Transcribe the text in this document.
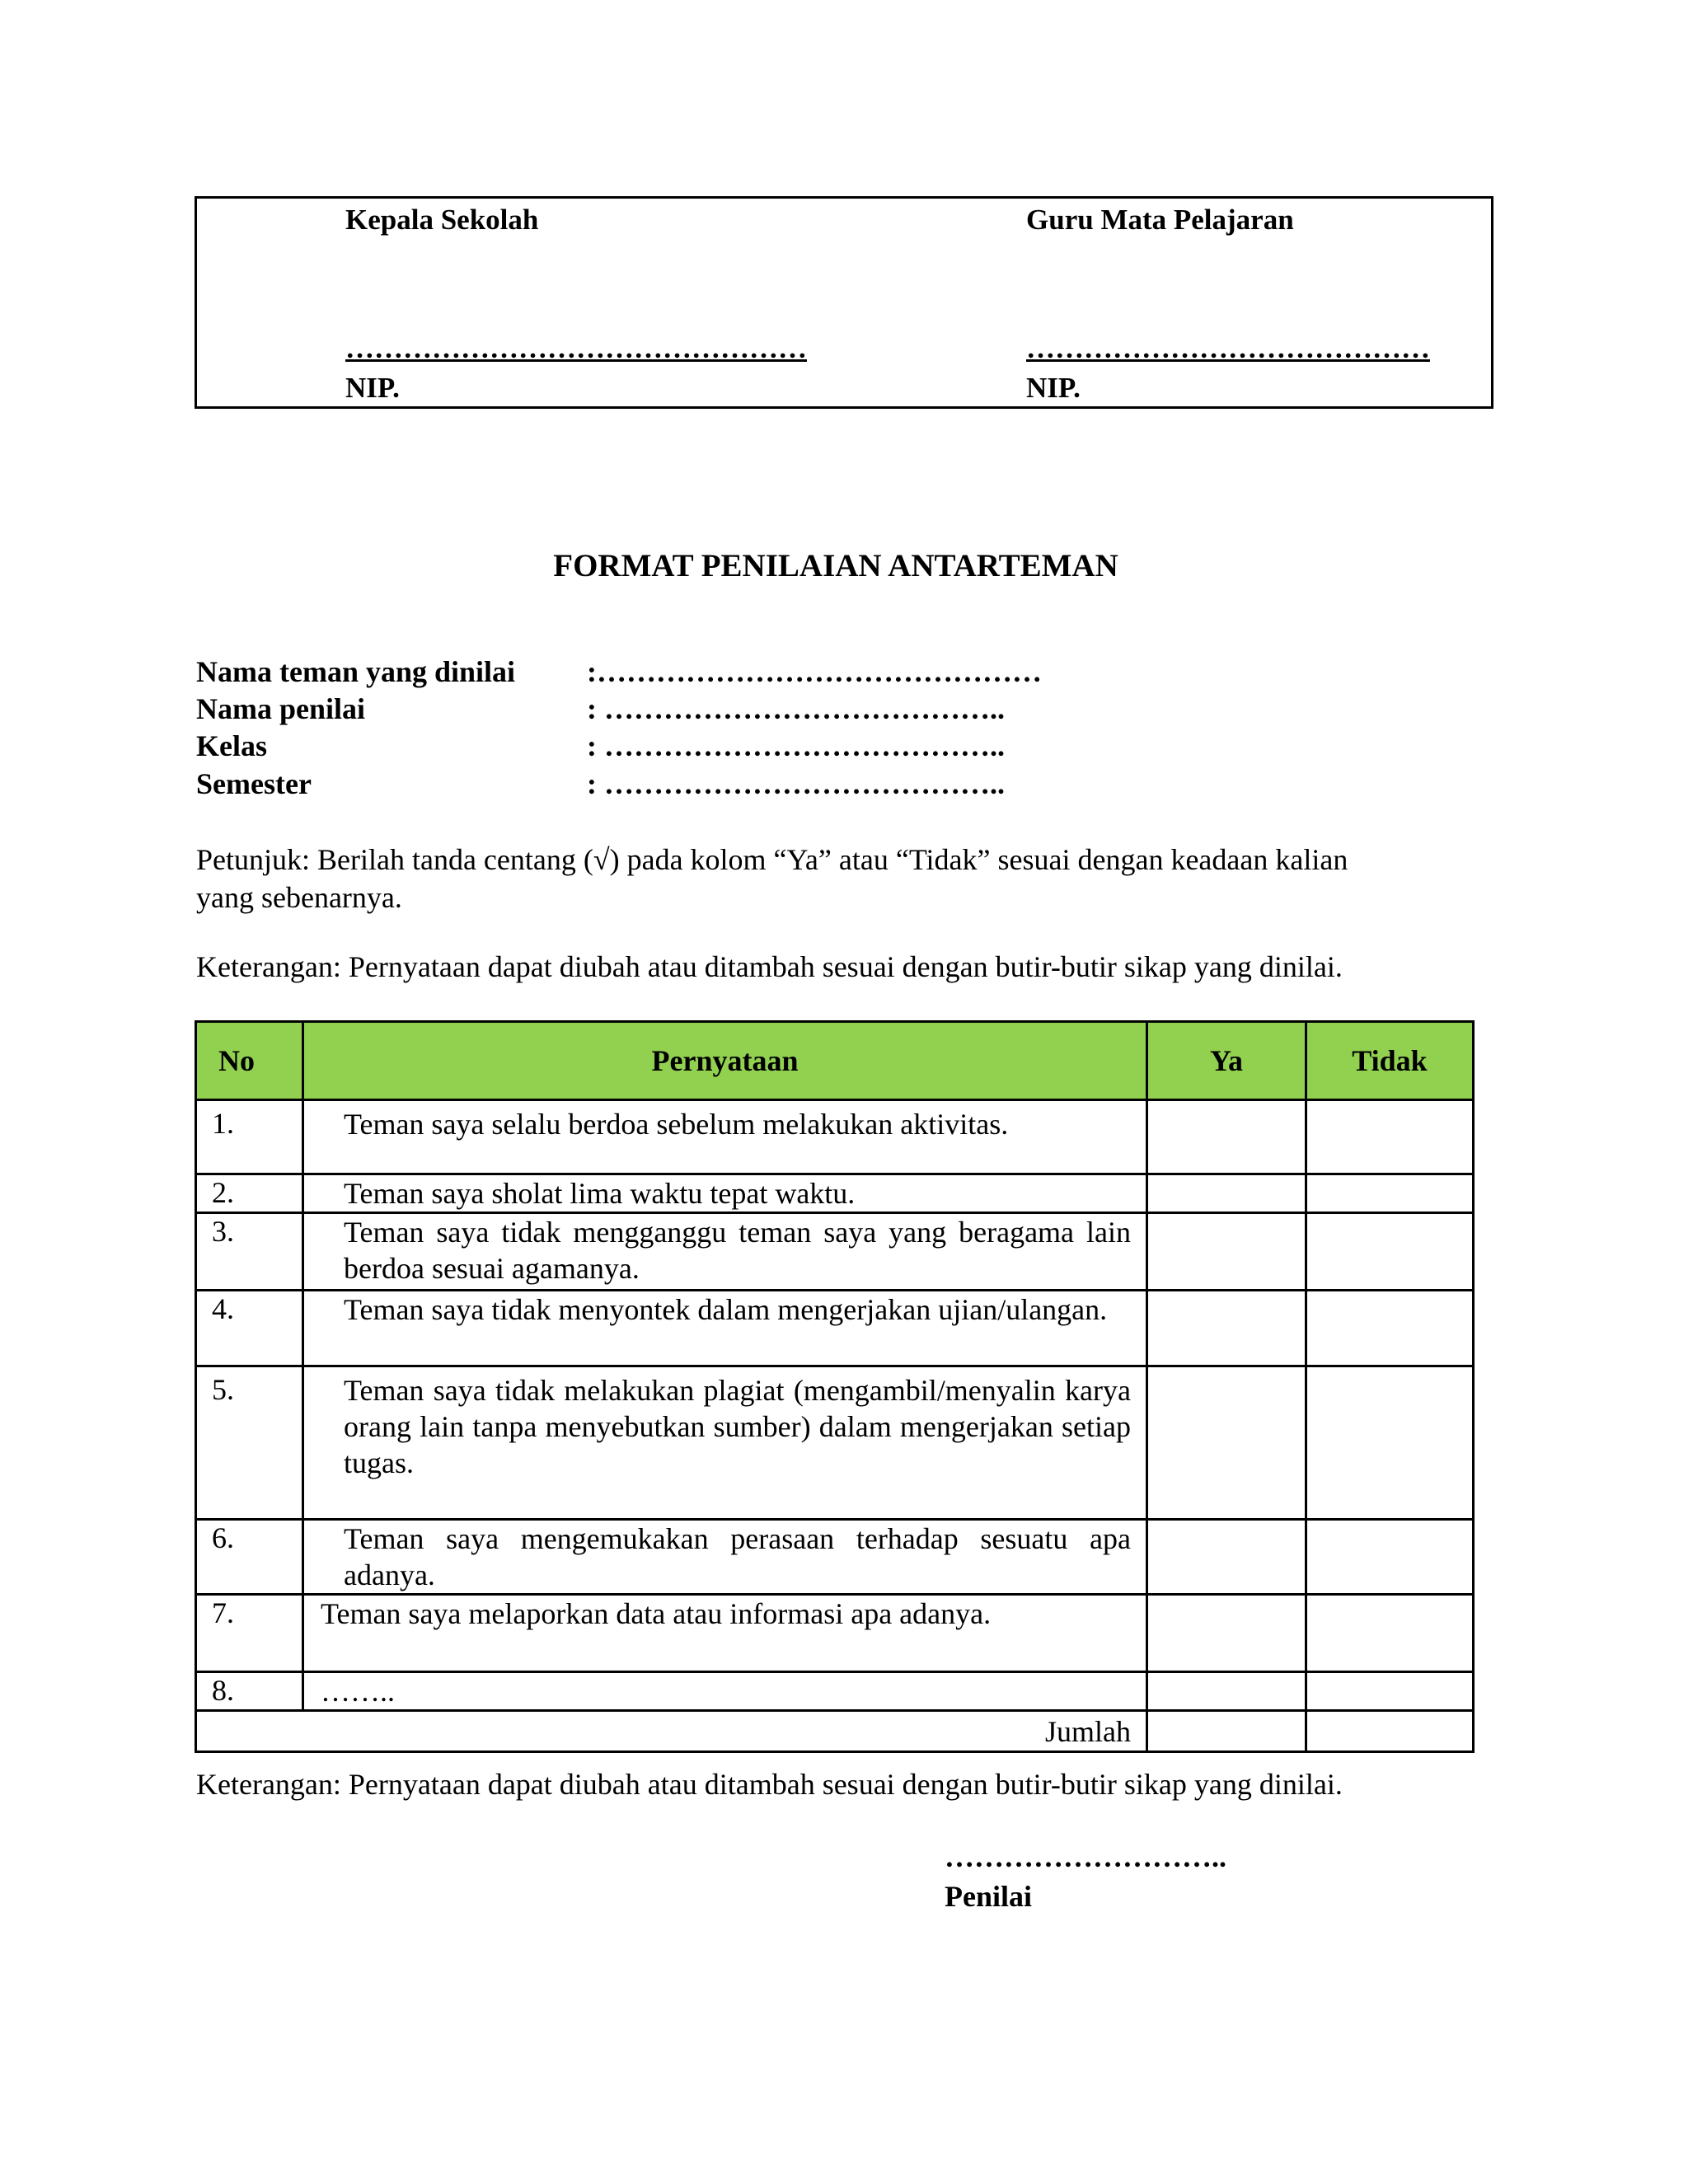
Kepala Sekolah	Guru Mata Pelajaran
…………………………………………	……………………………………
NIP.	NIP.
FORMAT PENILAIAN ANTARTEMAN
Nama teman yang dinilai :………………………………………
Nama penilai	: …………………………………..
Kelas	: …………………………………..
Semester	: …………………………………..
Petunjuk: Berilah tanda centang (√) pada kolom “Ya” atau “Tidak” sesuai dengan keadaan kalian
yang sebenarnya.
Keterangan: Pernyataan dapat diubah atau ditambah sesuai dengan butir-butir sikap yang dinilai.
No	Pernyataan	Ya	Tidak

1.	Teman saya selalu berdoa sebelum melakukan aktivitas.		

2.	Teman saya sholat lima waktu tepat waktu.		

3.	Teman saya tidak mengganggu teman saya yang beragama lain berdoa sesuai agamanya.		

4.	Teman saya tidak menyontek dalam mengerjakan ujian/ulangan.		

5.	Teman saya tidak melakukan plagiat (mengambil/menyalin karya orang lain tanpa menyebutkan sumber) dalam mengerjakan setiap tugas.		

6.	Teman saya mengemukakan perasaan terhadap sesuatu apa adanya.		

7.	Teman saya melaporkan data atau informasi apa adanya.		

8.	……..		

Jumlah			
Keterangan: Pernyataan dapat diubah atau ditambah sesuai dengan butir-butir sikap yang dinilai.
………………………..
Penilai
